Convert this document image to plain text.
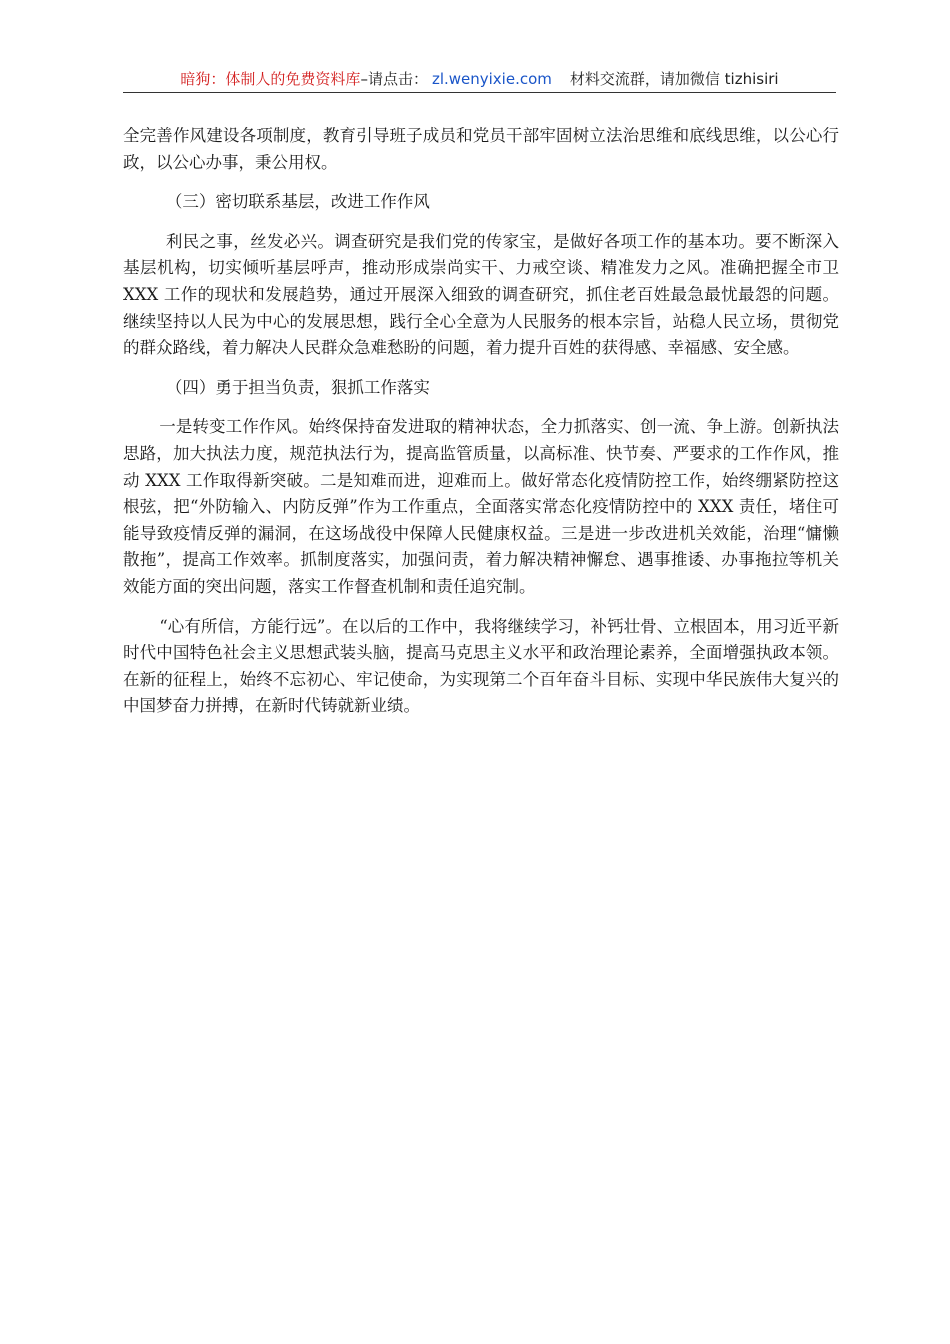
暗狗：体制人的免费资料库–请点击： zl.wenyixie.com 材料交流群，请加微信 tizhisiri

全完善作风建设各项制度，教育引导班子成员和党员干部牢固树立法治思维和底线思维，以公心行政，以公心办事，秉公用权。

（三）密切联系基层，改进工作作风

利民之事，丝发必兴。调查研究是我们党的传家宝，是做好各项工作的基本功。要不断深入基层机构，切实倾听基层呼声，推动形成崇尚实干、力戒空谈、精准发力之风。准确把握全市卫 XXX 工作的现状和发展趋势，通过开展深入细致的调查研究，抓住老百姓最急最忧最怨的问题。继续坚持以人民为中心的发展思想，践行全心全意为人民服务的根本宗旨，站稳人民立场，贯彻党的群众路线，着力解决人民群众急难愁盼的问题，着力提升百姓的获得感、幸福感、安全感。

（四）勇于担当负责，狠抓工作落实

一是转变工作作风。始终保持奋发进取的精神状态，全力抓落实、创一流、争上游。创新执法思路，加大执法力度，规范执法行为，提高监管质量，以高标准、快节奏、严要求的工作作风，推动 XXX 工作取得新突破。二是知难而进，迎难而上。做好常态化疫情防控工作，始终绷紧防控这根弦，把“外防输入、内防反弹”作为工作重点，全面落实常态化疫情防控中的 XXX 责任，堵住可能导致疫情反弹的漏洞，在这场战役中保障人民健康权益。三是进一步改进机关效能，治理“慵懒散拖”，提高工作效率。抓制度落实，加强问责，着力解决精神懈怠、遇事推诿、办事拖拉等机关效能方面的突出问题，落实工作督查机制和责任追究制。

“心有所信，方能行远”。在以后的工作中，我将继续学习，补钙壮骨、立根固本，用习近平新时代中国特色社会主义思想武装头脑，提高马克思主义水平和政治理论素养，全面增强执政本领。在新的征程上，始终不忘初心、牢记使命，为实现第二个百年奋斗目标、实现中华民族伟大复兴的中国梦奋力拼搏，在新时代铸就新业绩。
